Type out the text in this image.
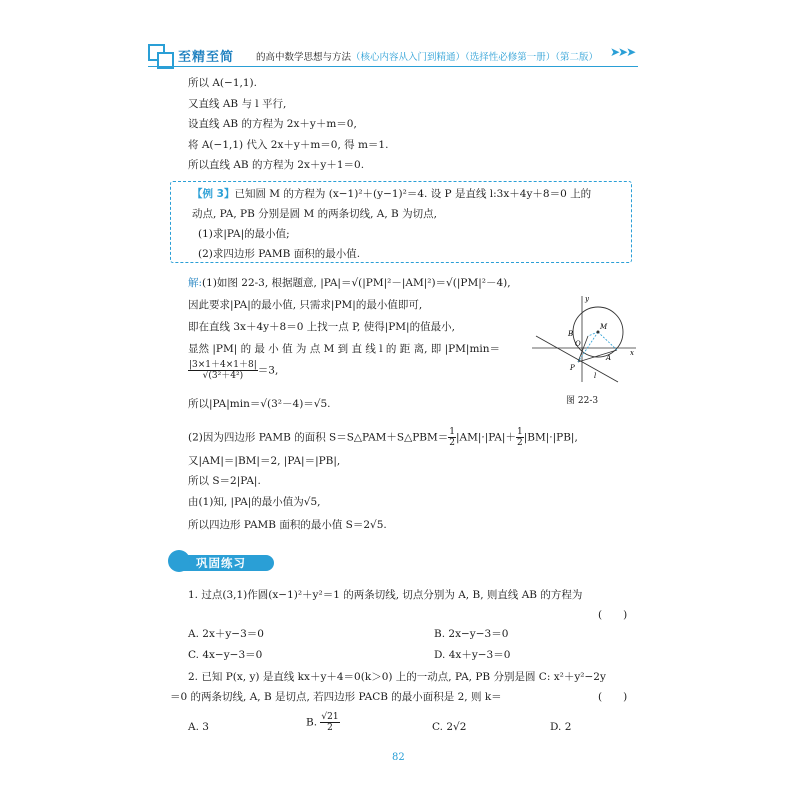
至精至简 的高中数学思想与方法（核心内容从入门到精通）（选择性必修第一册）（第二版） ➤➤➤
所以 A(−1,1).
又直线 AB 与 l 平行,
设直线 AB 的方程为 2x＋y＋m＝0,
将 A(−1,1) 代入 2x＋y＋m＝0, 得 m＝1.
所以直线 AB 的方程为 2x＋y＋1＝0.
【例 3】已知圆 M 的方程为 (x−1)²＋(y−1)²＝4. 设 P 是直线 l:3x＋4y＋8＝0 上的
动点, PA, PB 分别是圆 M 的两条切线, A, B 为切点,
(1)求|PA|的最小值;
(2)求四边形 PAMB 面积的最小值.
解:(1)如图 22-3, 根据题意, |PA|＝√(|PM|²－|AM|²)＝√(|PM|²－4),
因此要求|PA|的最小值, 只需求|PM|的最小值即可,
即在直线 3x＋4y＋8＝0 上找一点 P, 使得|PM|的值最小,
显然 |PM| 的 最 小 值 为 点 M 到 直 线 l 的 距 离, 即 |PM|min＝
$\frac{|3\times 1+4\times 1+8|}{\text{√(3²＋4²)}} =3$,
所以|PA|min＝√(3²－4)＝√5.
(2)因为四边形 PAMB 的面积 S＝S△PAM＋S△PBM＝ $\frac{1}{2} |AM|\cdot|PA|+ \frac{1}{2} |BM|\cdot|PB|$,
又|AM|＝|BM|＝2, |PA|＝|PB|,
所以 S＝2|PA|.
由(1)知, |PA|的最小值为√5,
所以四边形 PAMB 面积的最小值 S＝2√5.
y
x
M
B
O
A
P
l
图 22-3
巩固练习
1. 过点(3,1)作圆(x−1)²＋y²＝1 的两条切线, 切点分别为 A, B, 则直线 AB 的方程为
(　　)
A. 2x＋y−3＝0	B. 2x−y−3＝0
C. 4x−y−3＝0	D. 4x＋y−3＝0
2. 已知 P(x, y) 是直线 kx＋y＋4＝0(k＞0) 上的一动点, PA, PB 分别是圆 C: x²＋y²−2y
＝0 的两条切线, A, B 是切点, 若四边形 PACB 的最小面积是 2, 则 k＝	(　　)
A. 3	B. $\frac{√21}{2}$	C. 2√2	D. 2
82
